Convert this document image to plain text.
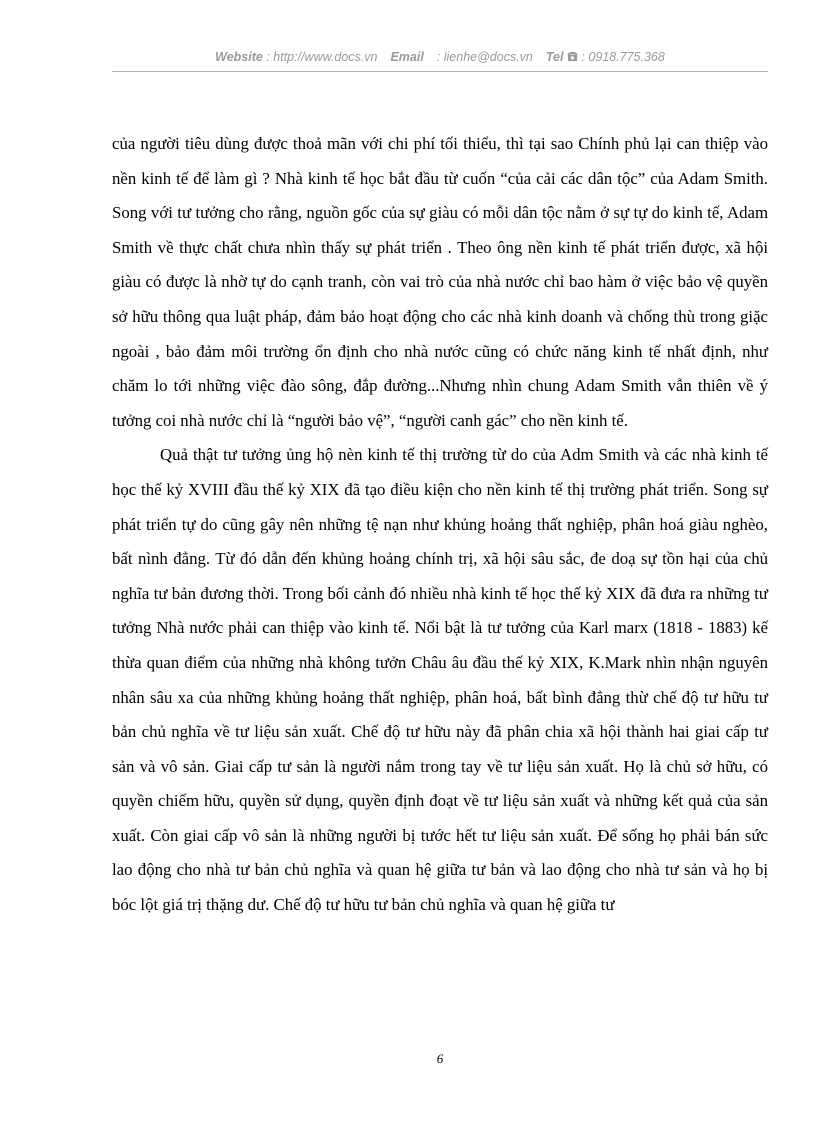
Website : http://www.docs.vn Email : lienhe@docs.vn Tel : 0918.775.368

của người tiêu dùng được thoả mãn với chi phí tối thiểu, thì tại sao Chính phủ lại can thiệp vào nền kinh tế để làm gì ? Nhà kinh tế học bắt đầu từ cuốn “của cải các dân tộc” của Adam Smith. Song với tư tưởng cho rằng, nguồn gốc của sự giàu có mỗi dân tộc nằm ở sự tự do kinh tế, Adam Smith về thực chất chưa nhìn thấy sự phát triển . Theo ông nền kinh tế phát triển được, xã hội giàu có được là nhờ tự do cạnh tranh, còn vai trò của nhà nước chỉ bao hàm ở việc bảo vệ quyền sở hữu thông qua luật pháp, đảm bảo hoạt động cho các nhà kinh doanh và chống thù trong giặc ngoài , bảo đảm môi trường ổn định cho nhà nước cũng có chức năng kinh tế nhất định, như chăm lo tới những việc đào sông, đắp đường...Nhưng nhìn chung Adam Smith vẫn thiên về ý tưởng coi nhà nước chỉ là “người bảo vệ”, “người canh gác” cho nền kinh tế.

Quả thật tư tưởng ủng hộ nèn kinh tế thị trường từ do của Adm Smith và các nhà kinh tế học thế kỷ XVIII đầu thế kỷ XIX đã tạo điều kiện cho nền kinh tế thị trường phát triển. Song sự phát triển tự do cũng gây nên những tệ nạn như khủng hoảng thất nghiệp, phân hoá giàu nghèo, bất nình đẳng. Từ đó dẫn đến khủng hoảng chính trị, xã hội sâu sắc, đe doạ sự tồn hại của chủ nghĩa tư bản đương thời. Trong bối cảnh đó nhiều nhà kinh tế học thế kỷ XIX đã đưa ra những tư tưởng Nhà nước phải can thiệp vào kinh tế. Nổi bật là tư tưởng của Karl marx (1818 - 1883) kế thừa quan điểm của những nhà không tưởn Châu âu đầu thế kỷ XIX, K.Mark nhìn nhận nguyên nhân sâu xa của những khủng hoảng thất nghiệp, phân hoá, bất bình đẳng thừ chế độ tư hữu tư bản chủ nghĩa về tư liệu sản xuất. Chế độ tư hữu này đã phân chia xã hội thành hai giai cấp tư sản và vô sản. Giai cấp tư sản là người nắm trong tay về tư liệu sản xuất. Họ là chủ sở hữu, có quyền chiếm hữu, quyền sử dụng, quyền định đoạt về tư liệu sản xuất và những kết quả của sản xuất. Còn giai cấp vô sản là những người bị tước hết tư liệu sản xuất. Để sống họ phải bán sức lao động cho nhà tư bản chủ nghĩa và quan hệ giữa tư bản và lao động cho nhà tư sản và họ bị bóc lột giá trị thặng dư. Chế độ tư hữu tư bản chủ nghĩa và quan hệ giữa tư

6
